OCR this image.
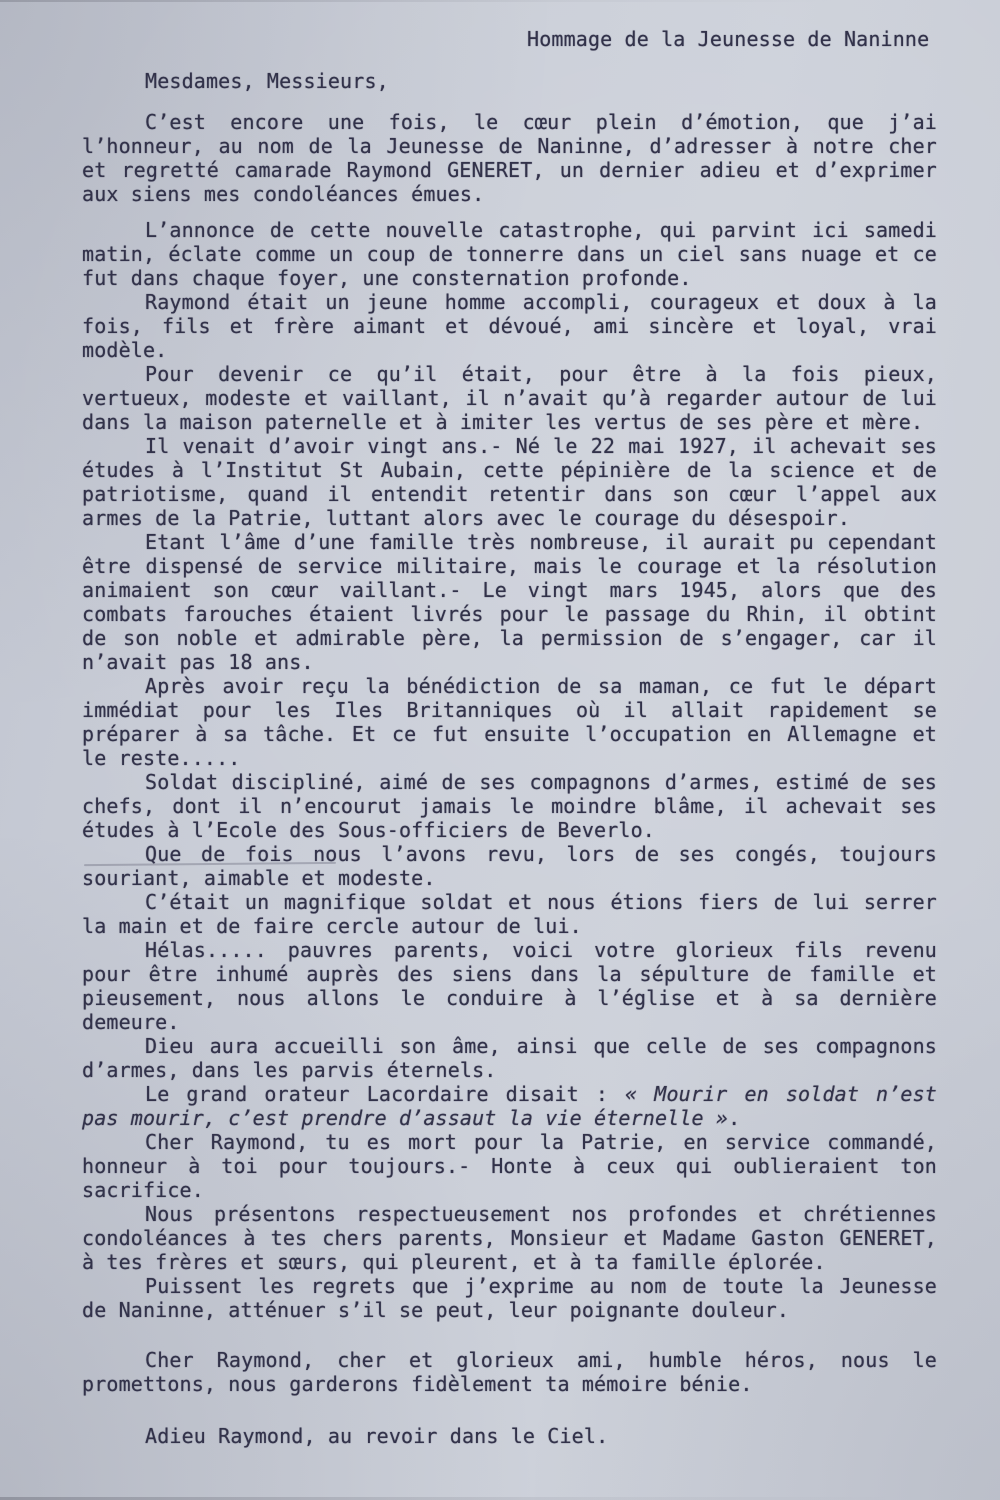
Hommage de la Jeunesse de Naninne
Mesdames, Messieurs,
C’est encore une fois, le cœur plein d’émotion, que j’ai
l’honneur, au nom de la Jeunesse de Naninne, d’adresser à notre cher
et regretté camarade Raymond GENERET, un dernier adieu et d’exprimer
aux siens mes condoléances émues.
L’annonce de cette nouvelle catastrophe, qui parvint ici samedi
matin, éclate comme un coup de tonnerre dans un ciel sans nuage et ce
fut dans chaque foyer, une consternation profonde.
Raymond était un jeune homme accompli, courageux et doux à la
fois, fils et frère aimant et dévoué, ami sincère et loyal, vrai
modèle.
Pour devenir ce qu’il était, pour être à la fois pieux,
vertueux, modeste et vaillant, il n’avait qu’à regarder autour de lui
dans la maison paternelle et à imiter les vertus de ses père et mère.
Il venait d’avoir vingt ans.- Né le 22 mai 1927, il achevait ses
études à l’Institut St Aubain, cette pépinière de la science et de
patriotisme, quand il entendit retentir dans son cœur l’appel aux
armes de la Patrie, luttant alors avec le courage du désespoir.
Etant l’âme d’une famille très nombreuse, il aurait pu cependant
être dispensé de service militaire, mais le courage et la résolution
animaient son cœur vaillant.- Le vingt mars 1945, alors que des
combats farouches étaient livrés pour le passage du Rhin, il obtint
de son noble et admirable père, la permission de s’engager, car il
n’avait pas 18 ans.
Après avoir reçu la bénédiction de sa maman, ce fut le départ
immédiat pour les Iles Britanniques où il allait rapidement se
préparer à sa tâche. Et ce fut ensuite l’occupation en Allemagne et
le reste.....
Soldat discipliné, aimé de ses compagnons d’armes, estimé de ses
chefs, dont il n’encourut jamais le moindre blâme, il achevait ses
études à l’Ecole des Sous-officiers de Beverlo.
Que de fois nous l’avons revu, lors de ses congés, toujours
souriant, aimable et modeste.
C’était un magnifique soldat et nous étions fiers de lui serrer
la main et de faire cercle autour de lui.
Hélas..... pauvres parents, voici votre glorieux fils revenu
pour être inhumé auprès des siens dans la sépulture de famille et
pieusement, nous allons le conduire à l’église et à sa dernière
demeure.
Dieu aura accueilli son âme, ainsi que celle de ses compagnons
d’armes, dans les parvis éternels.
Le grand orateur Lacordaire disait : « Mourir en soldat n’est
pas mourir, c’est prendre d’assaut la vie éternelle ».
Cher Raymond, tu es mort pour la Patrie, en service commandé,
honneur à toi pour toujours.- Honte à ceux qui oublieraient ton
sacrifice.
Nous présentons respectueusement nos profondes et chrétiennes
condoléances à tes chers parents, Monsieur et Madame Gaston GENERET,
à tes frères et sœurs, qui pleurent, et à ta famille éplorée.
Puissent les regrets que j’exprime au nom de toute la Jeunesse
de Naninne, atténuer s’il se peut, leur poignante douleur.
Cher Raymond, cher et glorieux ami, humble héros, nous le
promettons, nous garderons fidèlement ta mémoire bénie.
Adieu Raymond, au revoir dans le Ciel.
